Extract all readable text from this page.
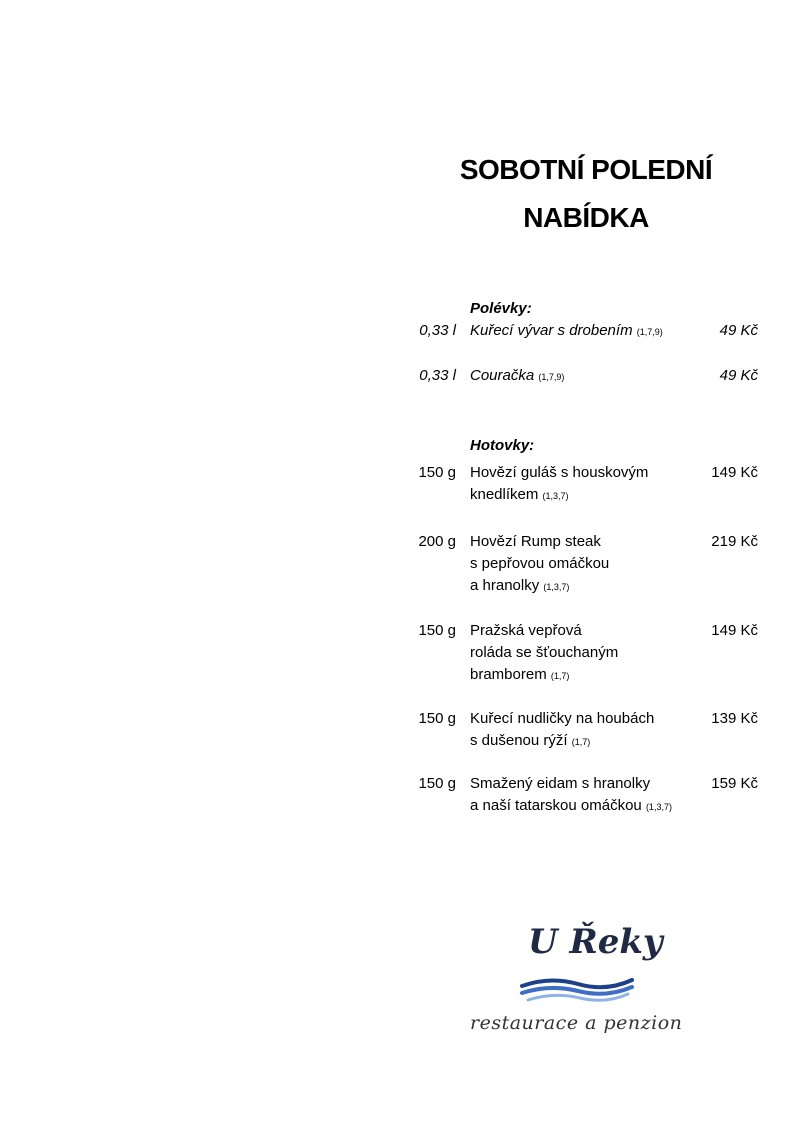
SOBOTNÍ POLEDNÍ
NABÍDKA
Polévky:
0,33 l Kuřecí vývar s drobením (1,7,9)	49 Kč
0,33 l Couračka (1,7,9)	49 Kč
Hotovky:
150 g Hovězí guláš s houskovým
knedlíkem (1,3,7)
149 Kč
200 g Hovězí Rump steak
s pepřovou omáčkou
a hranolky (1,3,7)
219 Kč
150 g Pražská vepřová
roláda se šťouchaným
bramborem (1,7)
149 Kč
150 g Kuřecí nudličky na houbách
s dušenou rýží (1,7)
139 Kč
150 g Smažený eidam s hranolky
a naší tatarskou omáčkou (1,3,7)
159 Kč
U Řeky
restaurace a penzion
